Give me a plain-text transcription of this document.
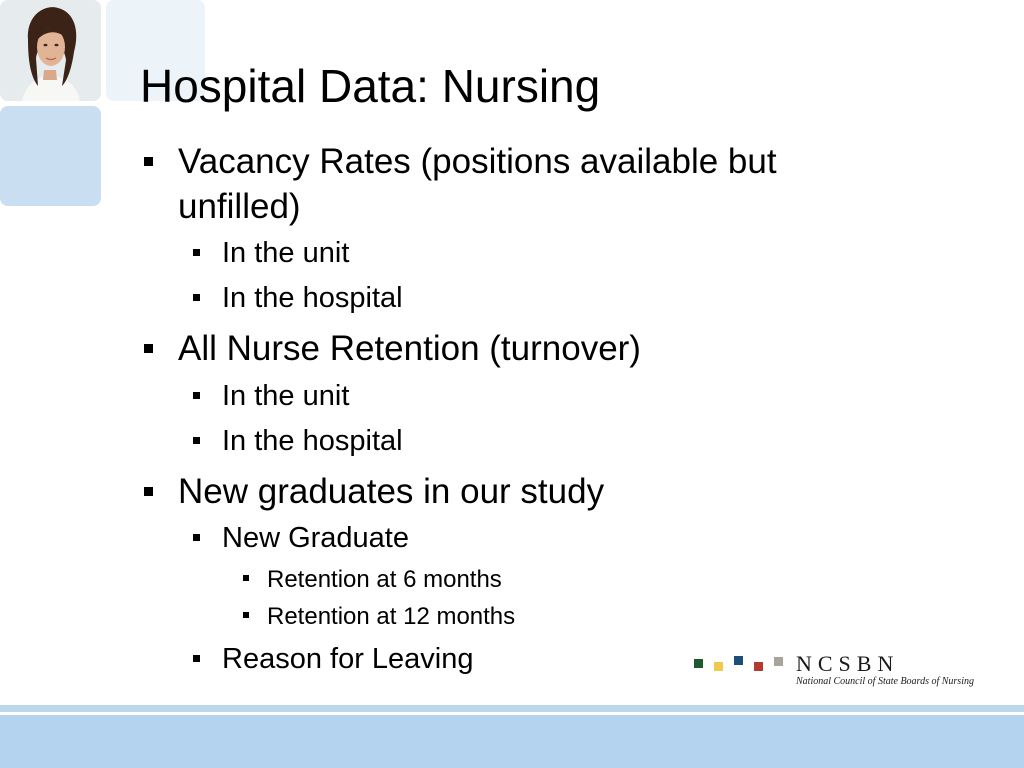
Hospital Data: Nursing
Vacancy Rates (positions available but
unfilled)
In the unit
In the hospital
All Nurse Retention (turnover)
In the unit
In the hospital
New graduates in our study
New Graduate
Retention at 6 months
Retention at 12 months
Reason for Leaving	NCSBN
National Council of State Boards of Nursing
